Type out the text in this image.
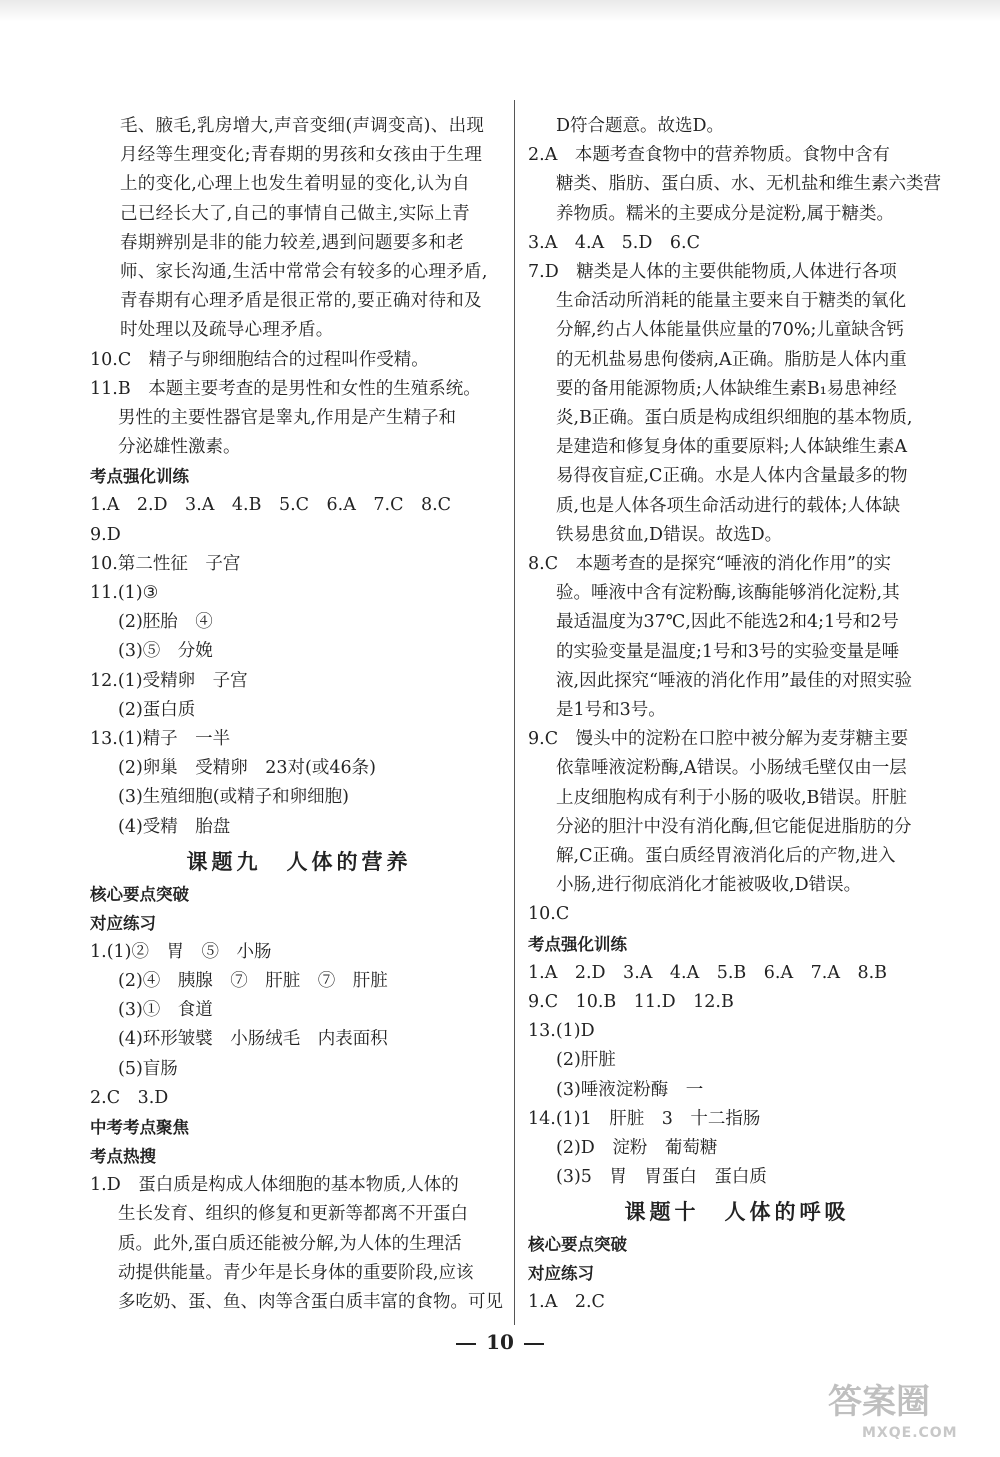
毛、腋毛,乳房增大,声音变细(声调变高)、出现
月经等生理变化;青春期的男孩和女孩由于生理
上的变化,心理上也发生着明显的变化,认为自
己已经长大了,自己的事情自己做主,实际上青
春期辨别是非的能力较差,遇到问题要多和老
师、家长沟通,生活中常常会有较多的心理矛盾,
青春期有心理矛盾是很正常的,要正确对待和及
时处理以及疏导心理矛盾。
10.C　精子与卵细胞结合的过程叫作受精。
11.B　本题主要考查的是男性和女性的生殖系统。
男性的主要性器官是睾丸,作用是产生精子和
分泌雄性激素。
考点强化训练
1.A　2.D　3.A　4.B　5.C　6.A　7.C　8.C
9.D
10.第二性征　子宫
11.(1)③
(2)胚胎　④
(3)⑤　分娩
12.(1)受精卵　子宫
(2)蛋白质
13.(1)精子　一半
(2)卵巢　受精卵　23对(或46条)
(3)生殖细胞(或精子和卵细胞)
(4)受精　胎盘
课题九　人体的营养
核心要点突破
对应练习
1.(1)②　胃　⑤　小肠
(2)④　胰腺　⑦　肝脏　⑦　肝脏
(3)①　食道
(4)环形皱襞　小肠绒毛　内表面积
(5)盲肠
2.C　3.D
中考考点聚焦
考点热搜
1.D　蛋白质是构成人体细胞的基本物质,人体的
生长发育、组织的修复和更新等都离不开蛋白
质。此外,蛋白质还能被分解,为人体的生理活
动提供能量。青少年是长身体的重要阶段,应该
多吃奶、蛋、鱼、肉等含蛋白质丰富的食物。可见
D符合题意。故选D。
2.A　本题考查食物中的营养物质。食物中含有
糖类、脂肪、蛋白质、水、无机盐和维生素六类营
养物质。糯米的主要成分是淀粉,属于糖类。
3.A　4.A　5.D　6.C
7.D　糖类是人体的主要供能物质,人体进行各项
生命活动所消耗的能量主要来自于糖类的氧化
分解,约占人体能量供应量的70%;儿童缺含钙
的无机盐易患佝偻病,A正确。脂肪是人体内重
要的备用能源物质;人体缺维生素B₁易患神经
炎,B正确。蛋白质是构成组织细胞的基本物质,
是建造和修复身体的重要原料;人体缺维生素A
易得夜盲症,C正确。水是人体内含量最多的物
质,也是人体各项生命活动进行的载体;人体缺
铁易患贫血,D错误。故选D。
8.C　本题考查的是探究“唾液的消化作用”的实
验。唾液中含有淀粉酶,该酶能够消化淀粉,其
最适温度为37℃,因此不能选2和4;1号和2号
的实验变量是温度;1号和3号的实验变量是唾
液,因此探究“唾液的消化作用”最佳的对照实验
是1号和3号。
9.C　馒头中的淀粉在口腔中被分解为麦芽糖主要
依靠唾液淀粉酶,A错误。小肠绒毛壁仅由一层
上皮细胞构成有利于小肠的吸收,B错误。肝脏
分泌的胆汁中没有消化酶,但它能促进脂肪的分
解,C正确。蛋白质经胃液消化后的产物,进入
小肠,进行彻底消化才能被吸收,D错误。
10.C
考点强化训练
1.A　2.D　3.A　4.A　5.B　6.A　7.A　8.B
9.C　10.B　11.D　12.B
13.(1)D
(2)肝脏
(3)唾液淀粉酶　一
14.(1)1　肝脏　3　十二指肠
(2)D　淀粉　葡萄糖
(3)5　胃　胃蛋白　蛋白质
课题十　人体的呼吸
核心要点突破
对应练习
1.A　2.C
10
答案圈
MXQE.COM
